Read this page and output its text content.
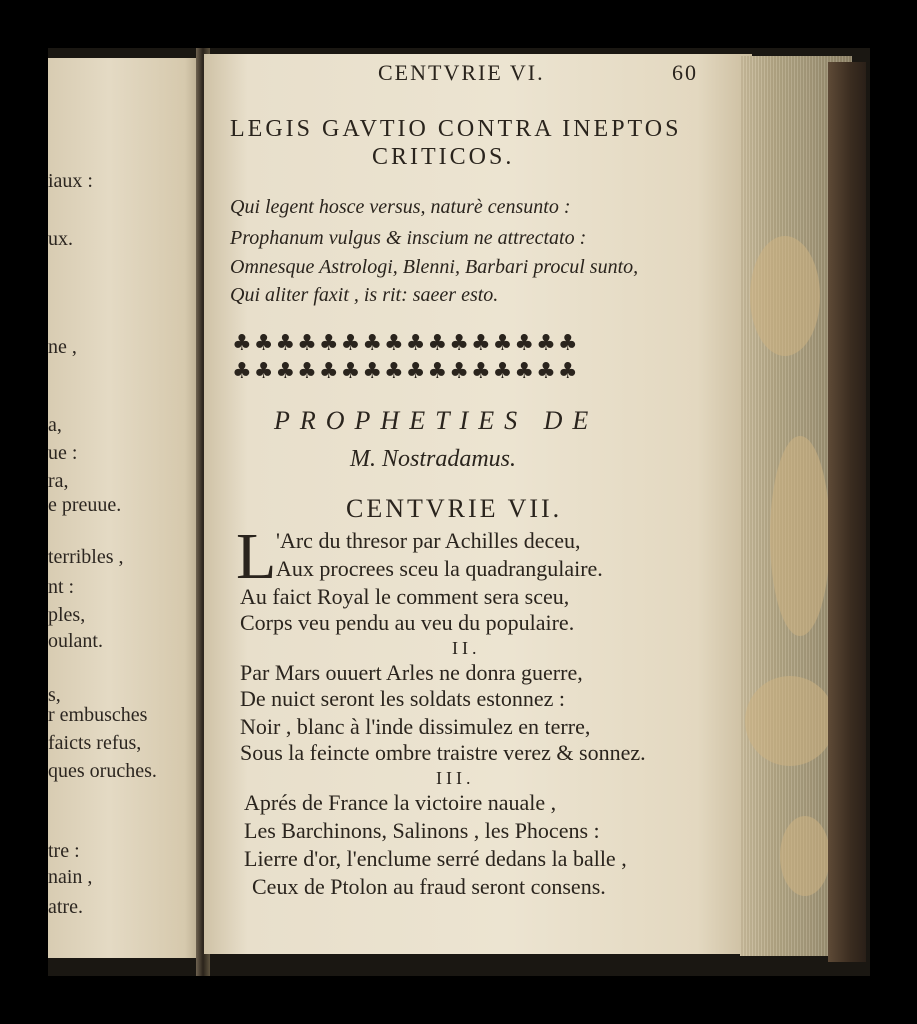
iaux :
ux.
ne ,
a,
ue :
ra,
e preuue.
terribles ,
nt :
ples,
oulant.
s,
r embusches
faicts refus,
ques oruches.
tre :
nain ,
atre.
CENTVRIE VI.	60
LEGIS GAVTIO CONTRA INEPTOS
CRITICOS.
Qui legent hosce versus, naturè censunto :
Prophanum vulgus & inscium ne attrectato :
Omnesque Astrologi, Blenni, Barbari procul sunto,
Qui aliter faxit , is rit: saeer esto.
♣♣♣♣♣♣♣♣♣♣♣♣♣♣♣♣
♣♣♣♣♣♣♣♣♣♣♣♣♣♣♣♣
PROPHETIES DE
M. Nostradamus.
CENTVRIE VII.
L 'Arc du thresor par Achilles deceu,
Aux procrees sceu la quadrangulaire.
Au faict Royal le comment sera sceu,
Corps veu pendu au veu du populaire.
II.
Par Mars ouuert Arles ne donra guerre,
De nuict seront les soldats estonnez :
Noir , blanc à l'inde dissimulez en terre,
Sous la feincte ombre traistre verez & sonnez.
III.
Aprés de France la victoire nauale ,
Les Barchinons, Salinons , les Phocens :
Lierre d'or, l'enclume serré dedans la balle ,
Ceux de Ptolon au fraud seront consens.
